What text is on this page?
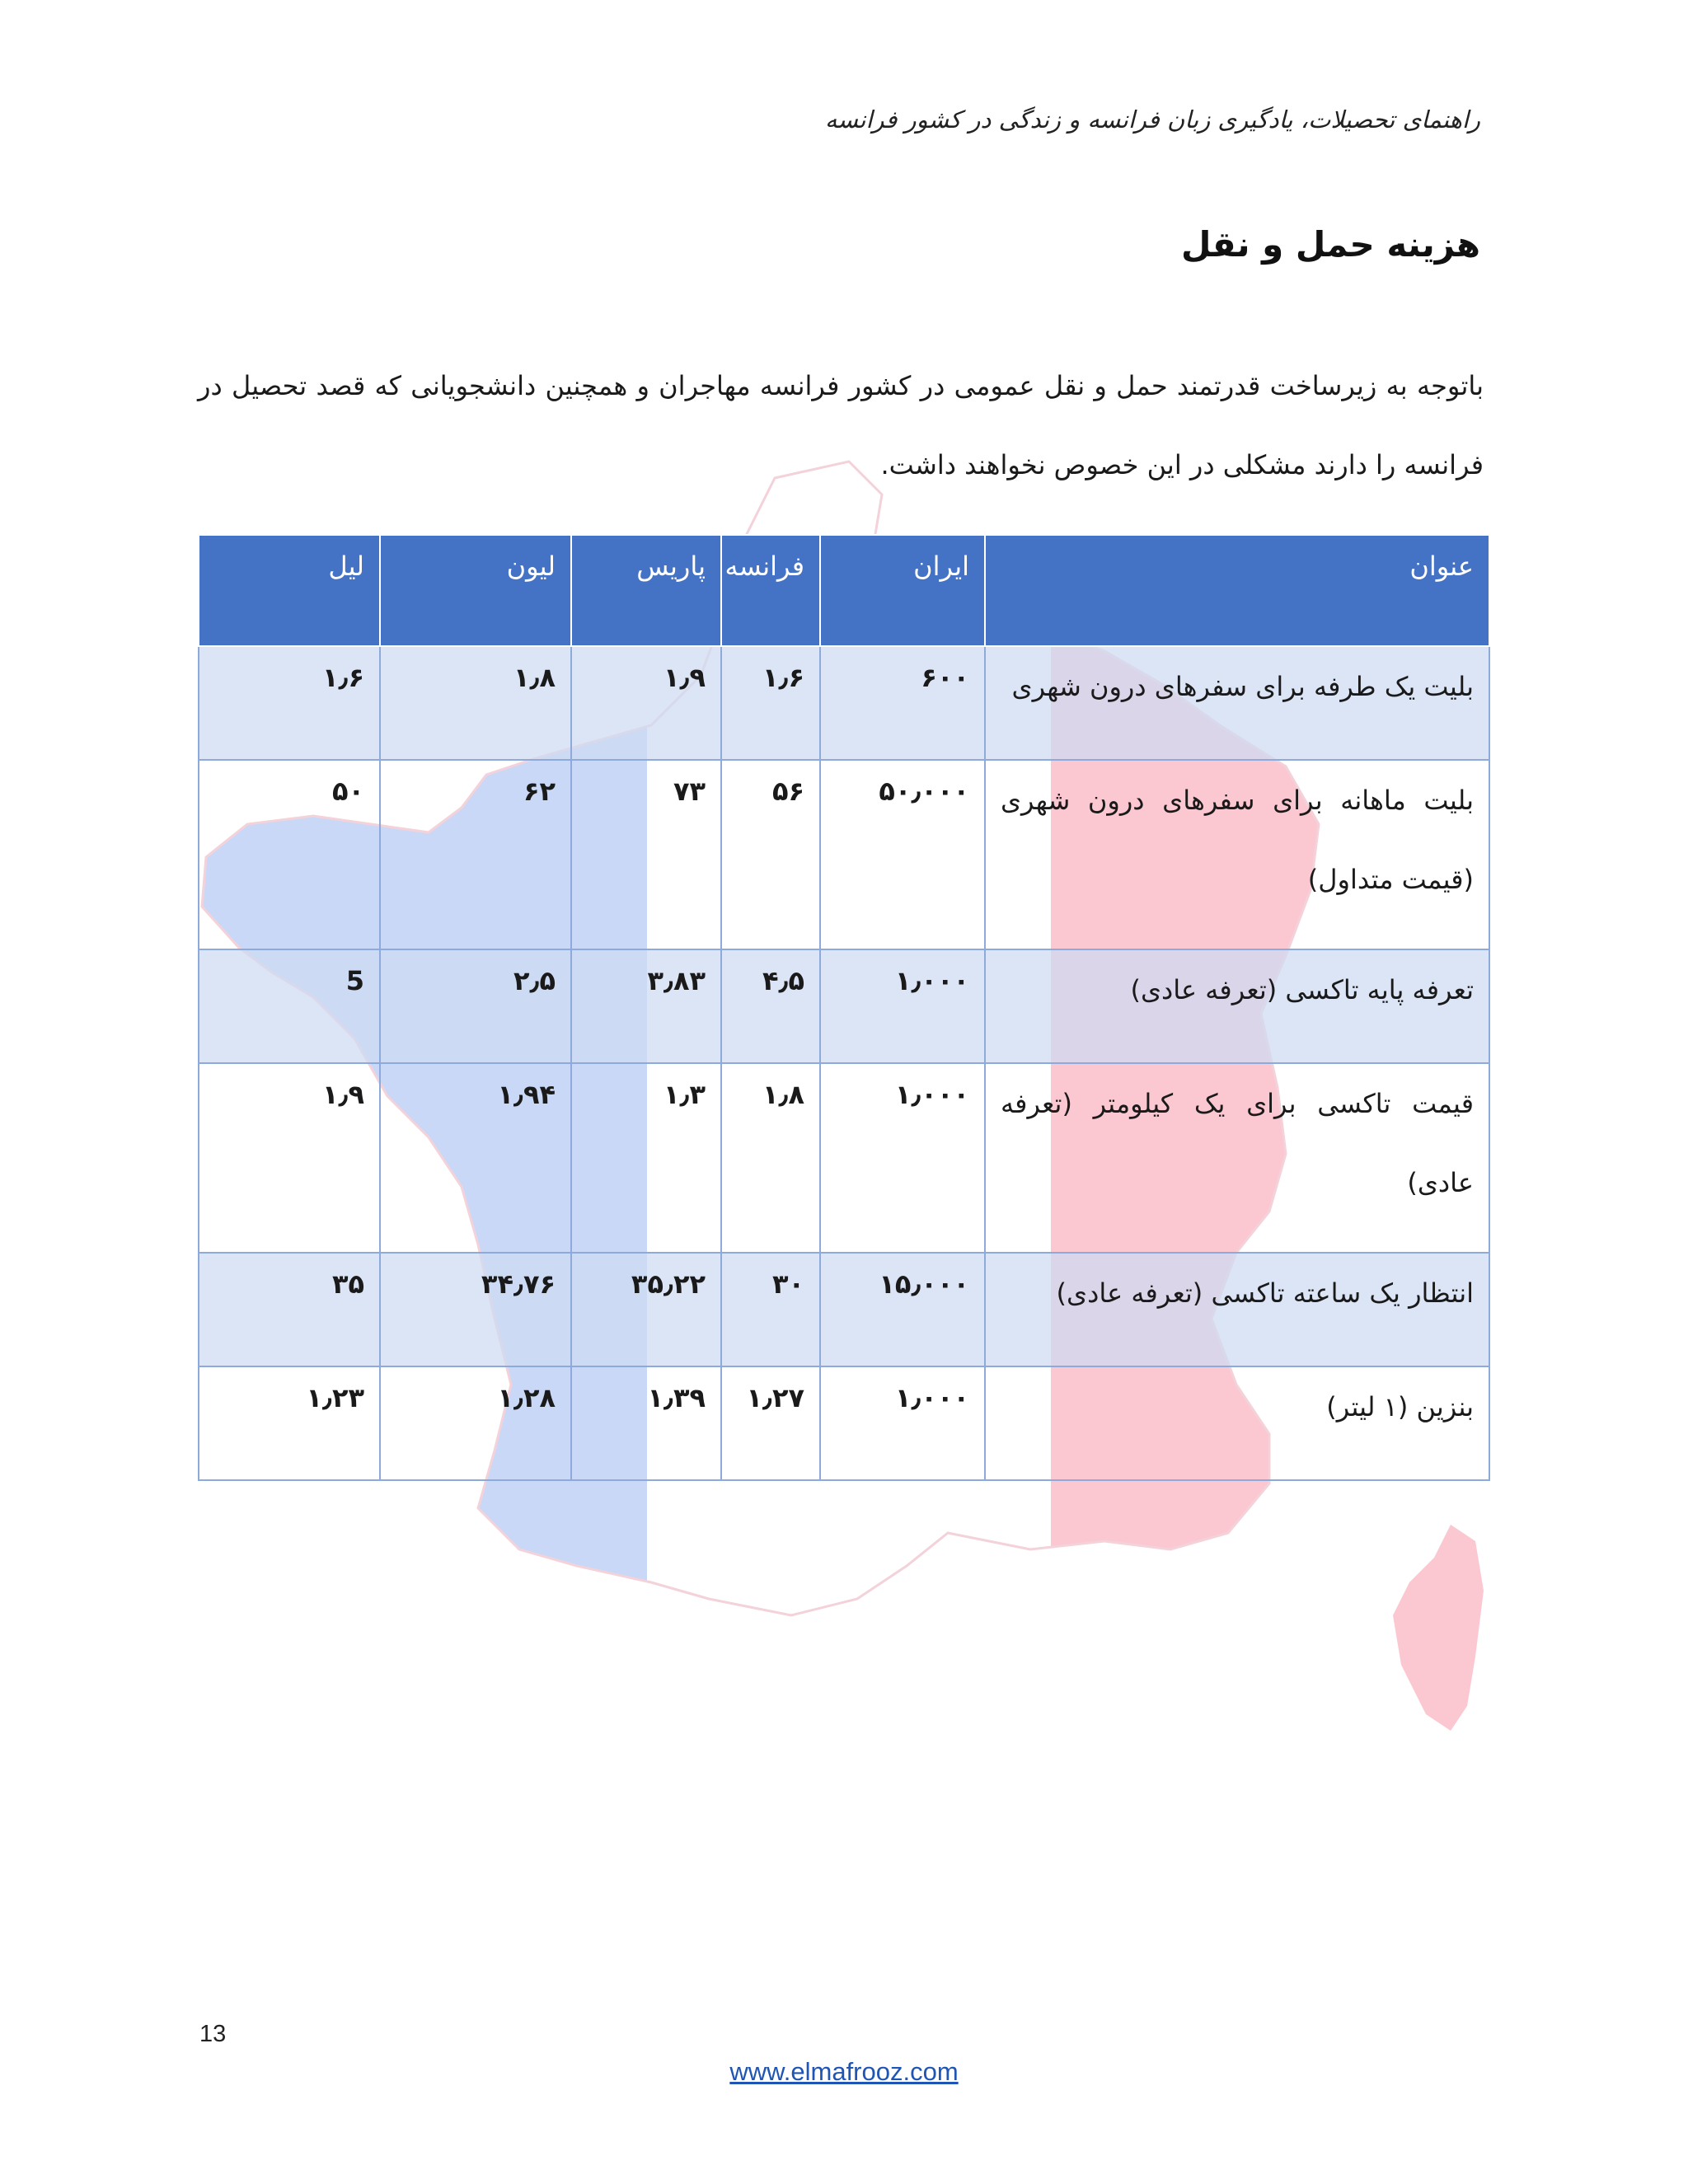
راهنمای تحصیلات، یادگیری زبان فرانسه و زندگی در کشور فرانسه
هزینه حمل و نقل
باتوجه به زیرساخت قدرتمند حمل و نقل عمومی در کشور فرانسه مهاجران و همچنین دانشجویانی که قصد تحصیل در فرانسه را دارند مشکلی در این خصوص نخواهند داشت.
عنوان	ایران	فرانسه	پاریس	لیون	لیل
بلیت یک طرفه برای سفرهای درون شهری	۶۰۰	۱٫۶	۱٫۹	۱٫۸	۱٫۶
بلیت ماهانه برای سفرهای درون شهری (قیمت متداول)	۵۰٫۰۰۰	۵۶	۷۳	۶۲	۵۰
تعرفه پایه تاکسی (تعرفه عادی)	۱٫۰۰۰	۴٫۵	۳٫۸۳	۲٫۵	5
قیمت تاکسی برای یک کیلومتر (تعرفه عادی)	۱٫۰۰۰	۱٫۸	۱٫۳	۱٫۹۴	۱٫۹
انتظار یک ساعته تاکسی (تعرفه عادی)	۱۵٫۰۰۰	۳۰	۳۵٫۲۲	۳۴٫۷۶	۳۵
بنزین (۱ لیتر)	۱٫۰۰۰	۱٫۲۷	۱٫۳۹	۱٫۲۸	۱٫۲۳
13
www.elmafrooz.com
